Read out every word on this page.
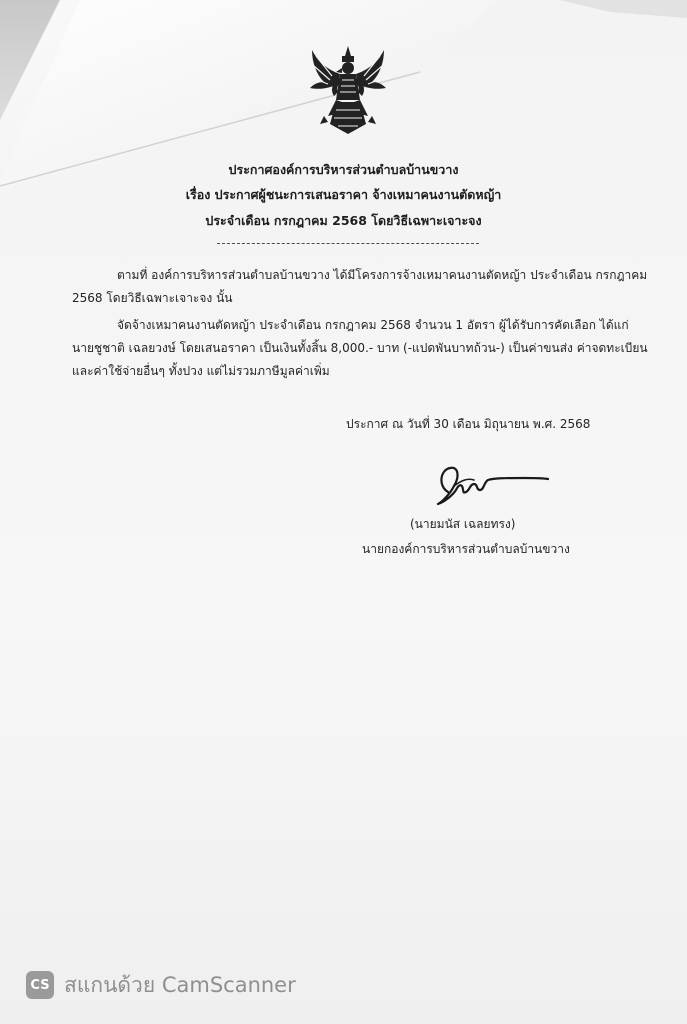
ประกาศองค์การบริหารส่วนตำบลบ้านขวาง
เรื่อง ประกาศผู้ชนะการเสนอราคา จ้างเหมาคนงานตัดหญ้า
ประจำเดือน กรกฎาคม 2568 โดยวิธีเฉพาะเจาะจง
ตามที่ องค์การบริหารส่วนตำบลบ้านขวาง ได้มีโครงการจ้างเหมาคนงานตัดหญ้า ประจำเดือน กรกฎาคม
2568 โดยวิธีเฉพาะเจาะจง นั้น
จัดจ้างเหมาคนงานตัดหญ้า ประจำเดือน กรกฎาคม 2568 จำนวน 1 อัตรา ผู้ได้รับการคัดเลือก ได้แก่
นายชูชาติ เฉลยวงษ์ โดยเสนอราคา เป็นเงินทั้งสิ้น 8,000.- บาท (-แปดพันบาทถ้วน-) เป็นค่าขนส่ง ค่าจดทะเบียน
และค่าใช้จ่ายอื่นๆ ทั้งปวง แต่ไม่รวมภาษีมูลค่าเพิ่ม
ประกาศ ณ วันที่ 30 เดือน มิถุนายน พ.ศ. 2568
(นายมนัส เฉลยทรง)
นายกองค์การบริหารส่วนตำบลบ้านขวาง
CS สแกนด้วย CamScanner
